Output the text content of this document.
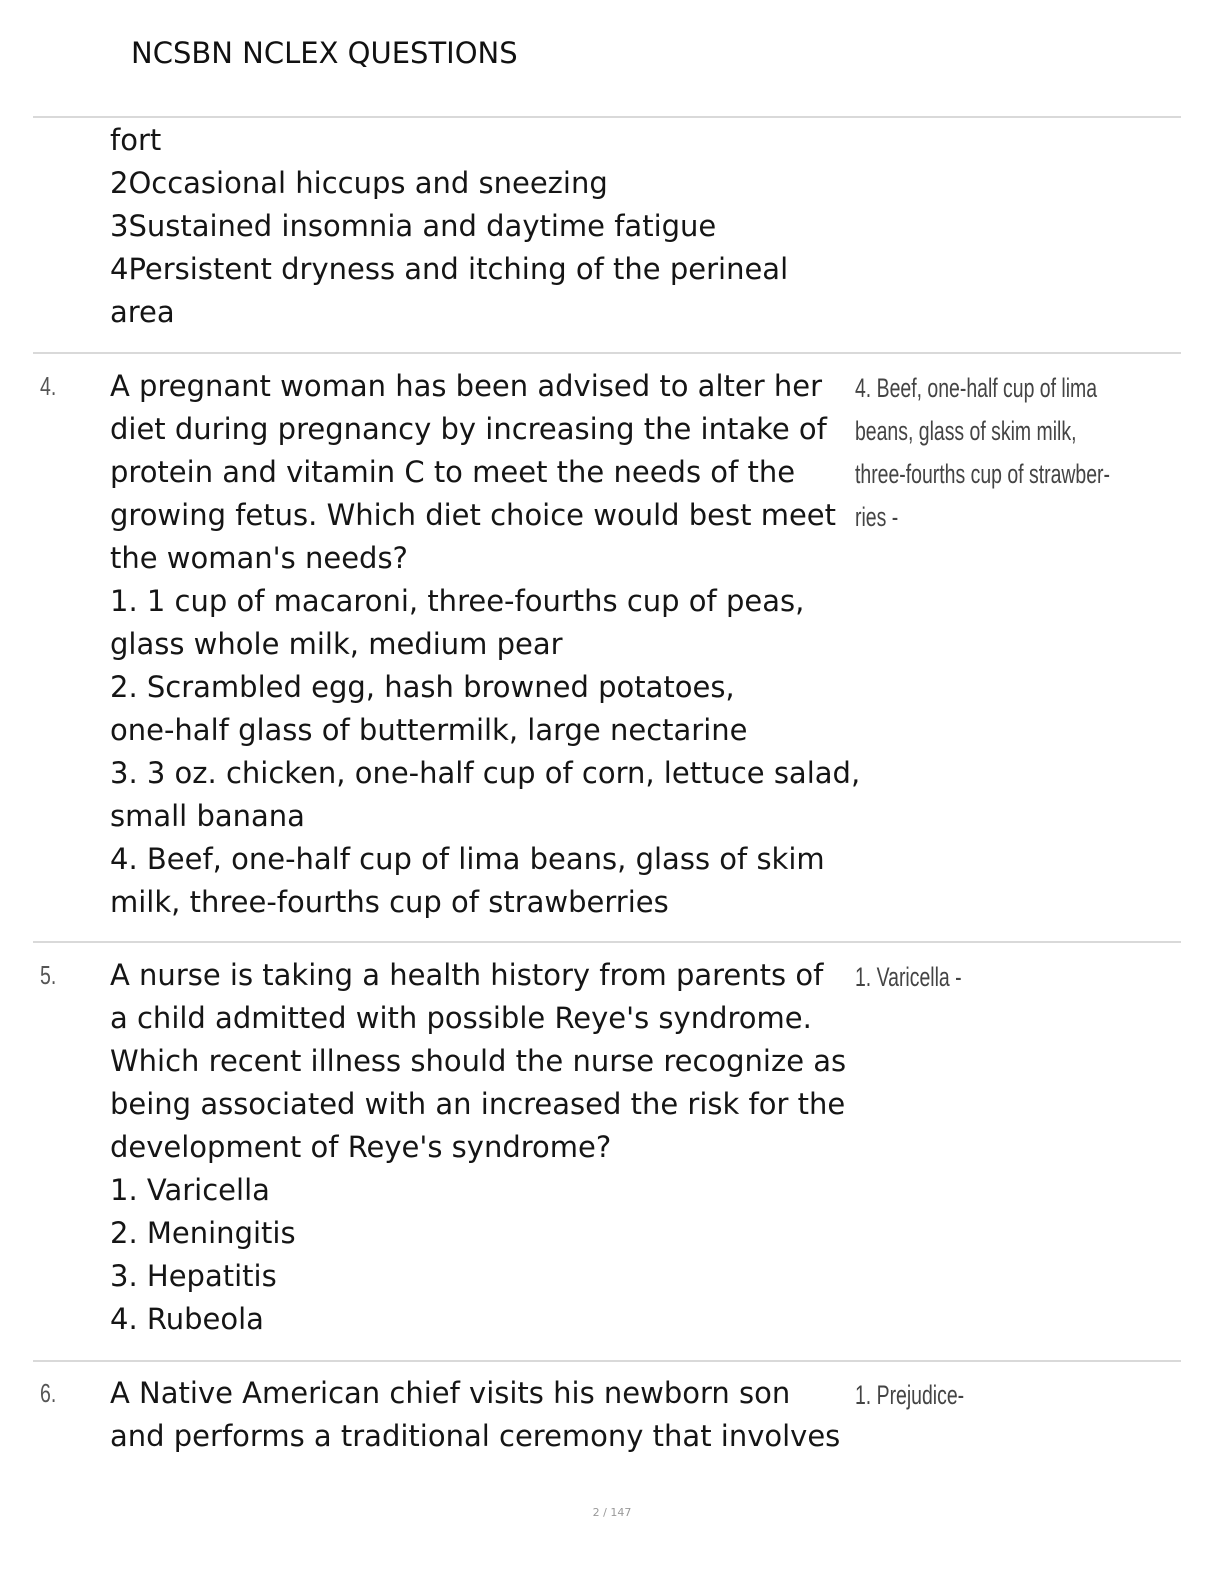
NCSBN NCLEX QUESTIONS
fort
2Occasional hiccups and sneezing
3Sustained insomnia and daytime fatigue
4Persistent dryness and itching of the perineal
area
4. A pregnant woman has been advised to alter her
diet during pregnancy by increasing the intake of
protein and vitamin C to meet the needs of the
growing fetus. Which diet choice would best meet
the woman's needs?
1. 1 cup of macaroni, three-fourths cup of peas,
glass whole milk, medium pear
2. Scrambled egg, hash browned potatoes,
one-half glass of buttermilk, large nectarine
3. 3 oz. chicken, one-half cup of corn, lettuce salad,
small banana
4. Beef, one-half cup of lima beans, glass of skim
milk, three-fourths cup of strawberries
4. Beef, one-half cup of lima
beans, glass of skim milk,
three-fourths cup of strawber-
ries -
5. A nurse is taking a health history from parents of
a child admitted with possible Reye's syndrome.
Which recent illness should the nurse recognize as
being associated with an increased the risk for the
development of Reye's syndrome?
1. Varicella
2. Meningitis
3. Hepatitis
4. Rubeola
1. Varicella -
6. A Native American chief visits his newborn son
and performs a traditional ceremony that involves
1. Prejudice-
2 / 147
